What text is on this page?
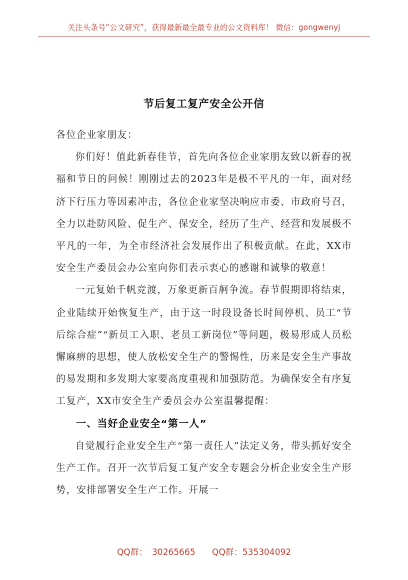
关注头条号“公文研究”，获得最新最全最专业的公文资料库！ 微信：gongwenyj
节后复工复产安全公开信

各位企业家朋友：

你们好！值此新春佳节，首先向各位企业家朋友致以新春的祝福和节日的问候！刚刚过去的2023年是极不平凡的一年，面对经济下行压力等因素冲击，各位企业家坚决响应市委、市政府号召，全力以赴防风险、促生产、保安全，经历了生产、经营和发展极不平凡的一年，为全市经济社会发展作出了积极贡献。在此，XX市安全生产委员会办公室向你们表示衷心的感谢和诚挚的敬意！

一元复始千帆竞渡，万象更新百舸争流。春节假期即将结束，企业陆续开始恢复生产，由于这一时段设备长时间停机、员工“节后综合症”“新员工入职、老员工新岗位”等问题，极易形成人员松懈麻痹的思想，使人放松安全生产的警惕性，历来是安全生产事故的易发期和多发期大家要高度重视和加强防范。为确保安全有序复工复产，XX市安全生产委员会办公室温馨提醒：

一、当好企业安全“第一人”

自觉履行企业安全生产“第一责任人”法定义务，带头抓好安全生产工作。召开一次节后复工复产安全专题会分析企业安全生产形势，安排部署安全生产工作。开展一

QQ群： 30265665 QQ群：535304092
